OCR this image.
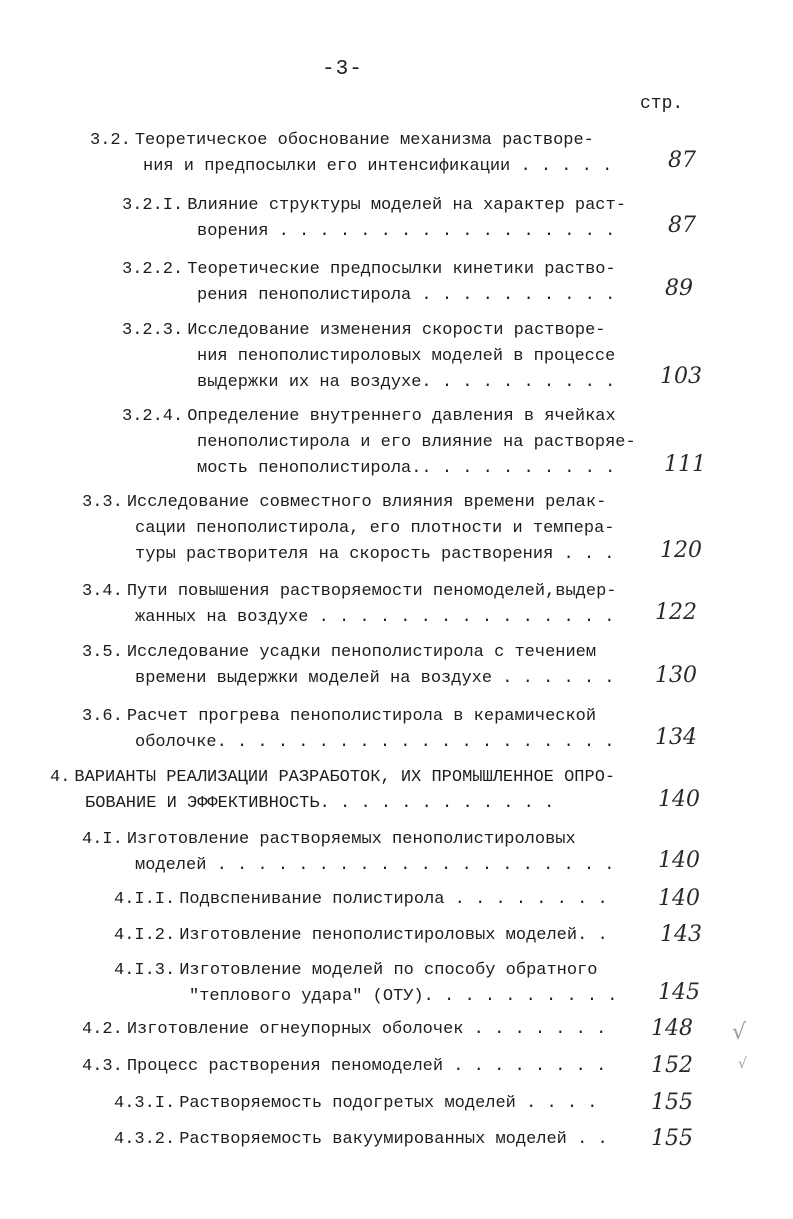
-3-
стр.
3.2. Теоретическое обоснование механизма растворе-
ния и предпосылки его интенсификации . . . . .	87
3.2.I. Влияние структуры моделей на характер раст-
ворения . . . . . . . . . . . . . . . . .	87
3.2.2. Теоретические предпосылки кинетики раство-
рения пенополистирола . . . . . . . . . . 89
3.2.3. Исследование изменения скорости растворе-
ния пенополистироловых моделей в процессе
выдержки их на воздухе. . . . . . . . . . 103
3.2.4. Определение внутреннего давления в ячейках
пенополистирола и его влияние на растворяе-
мость пенополистирола.. . . . . . . . . .	111
3.3. Исследование совместного влияния времени релак-
сации пенополистирола, его плотности и темпера-
туры растворителя на скорость растворения . . . 120
3.4. Пути повышения растворяемости пеномоделей,выдер-
жанных на воздухе . . . . . . . . . . . . . . . 122
3.5. Исследование усадки пенополистирола с течением
времени выдержки моделей на воздухе . . . . . . 130
3.6. Расчет прогрева пенополистирола в керамической
оболочке. . . . . . . . . . . . . . . . . . . . 134
4. ВАРИАНТЫ РЕАЛИЗАЦИИ РАЗРАБОТОК, ИХ ПРОМЫШЛЕННОЕ ОПРО-
БОВАНИЕ И ЭФФЕКТИВНОСТЬ. . . . . . . . . . . .	140
4.I. Изготовление растворяемых пенополистироловых
моделей . . . . . . . . . . . . . . . . . . . . 140
4.I.I. Подвспенивание полистирола . . . . . . . . 140
4.I.2. Изготовление пенополистироловых моделей. . 143
4.I.3. Изготовление моделей по способу обратного
"теплового удара" (ОТУ). . . . . . . . . . 145
4.2. Изготовление огнеупорных оболочек . . . . . . . 148
4.3. Процесс растворения пеномоделей . . . . . . . . 152
4.3.I. Растворяемость подогретых моделей . . . . 155
4.3.2. Растворяемость вакуумированных моделей . . 155
√
√
